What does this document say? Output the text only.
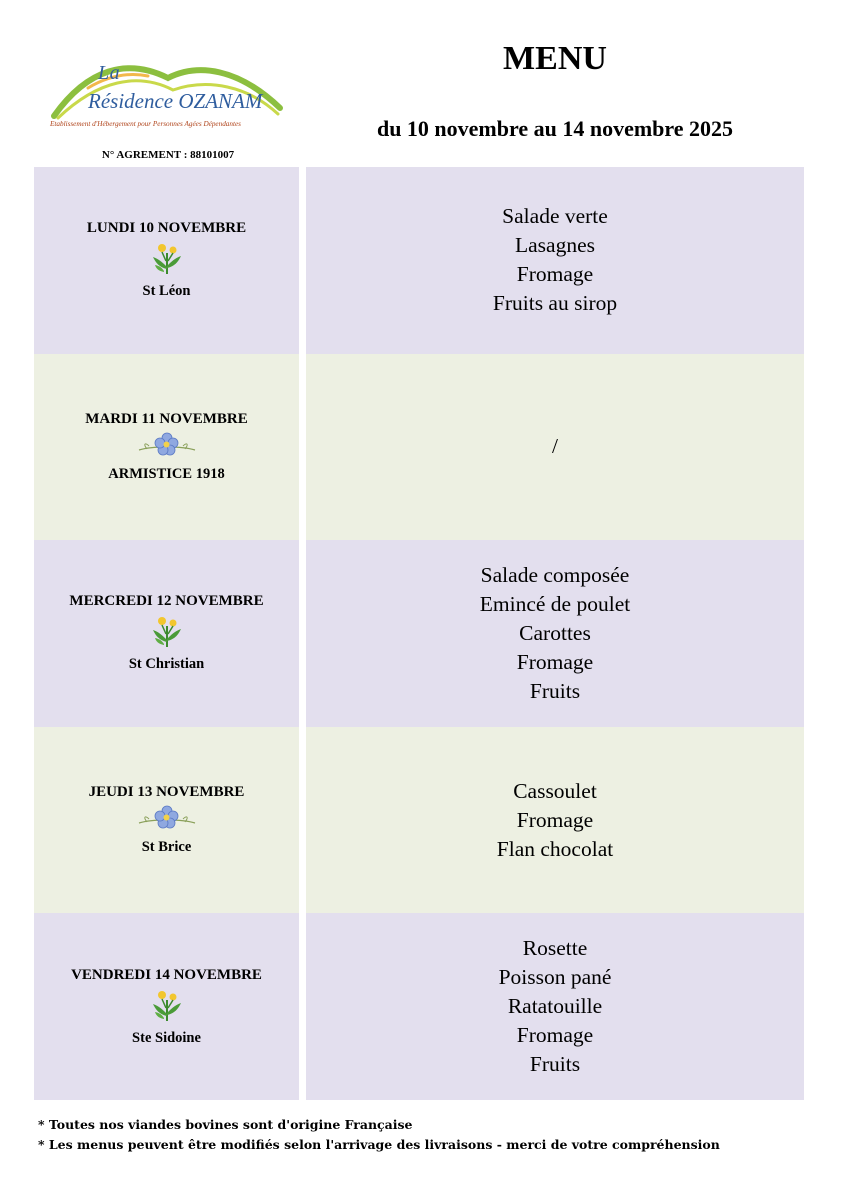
La
Résidence OZANAM
Etablissement d'Hébergement pour Personnes Agées Dépendantes
N° AGREMENT : 88101007
MENU
du 10 novembre au 14 novembre 2025
LUNDI 10 NOVEMBRE
St Léon
Salade verte
Lasagnes
Fromage
Fruits au sirop
MARDI 11 NOVEMBRE
ARMISTICE 1918
/
MERCREDI 12 NOVEMBRE
St Christian
Salade composée
Emincé de poulet
Carottes
Fromage
Fruits
JEUDI 13 NOVEMBRE
St Brice
Cassoulet
Fromage
Flan chocolat
VENDREDI 14 NOVEMBRE
Ste Sidoine
Rosette
Poisson pané
Ratatouille
Fromage
Fruits
* Toutes nos viandes bovines sont d'origine Française
* Les menus peuvent être modifiés selon l'arrivage des livraisons - merci de votre compréhension
